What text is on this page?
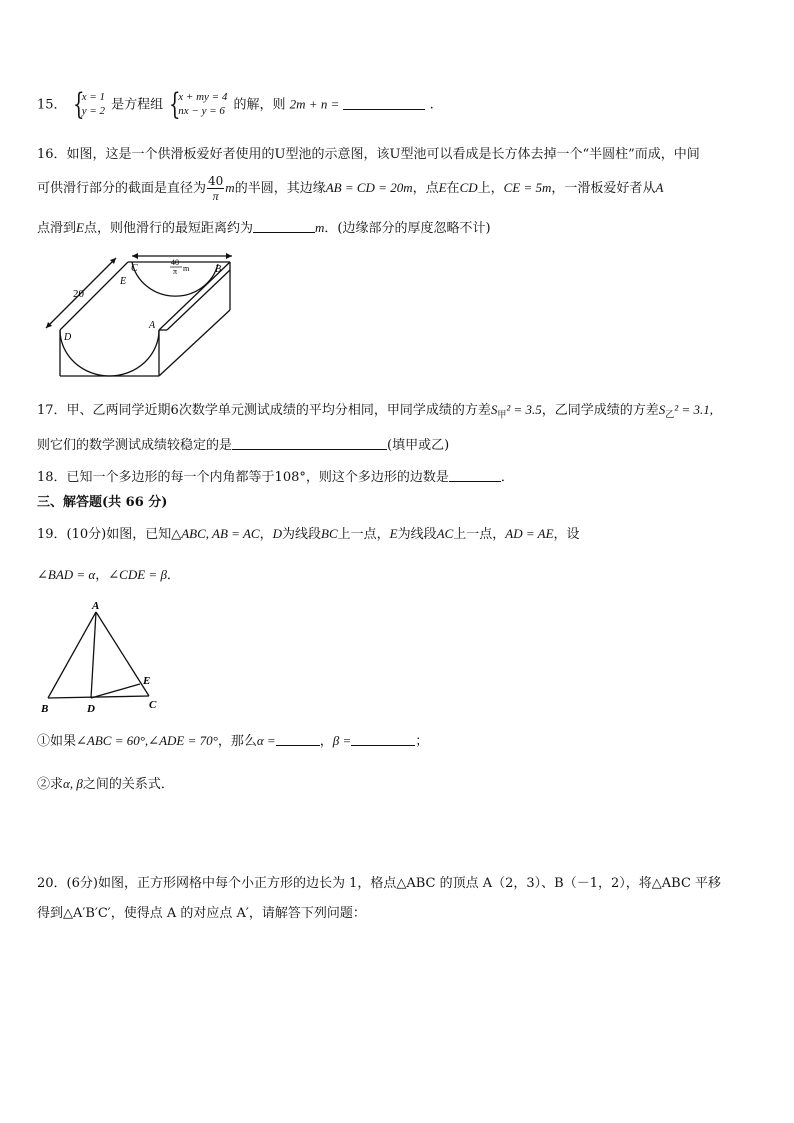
15． {
x = 1
y = 2 是方程组 {
x + my = 4
nx − y = 6 的解，则 2m + n =	.
16．如图，这是一个供滑板爱好者使用的U型池的示意图，该U型池可以看成是长方体去掉一个“半圆柱”而成，中间
可供滑行部分的截面是直径为 $\frac{40}{\pi}$ m的半圆，其边缘AB = CD = 20m，点E在CD上，CE = 5m，一滑板爱好者从A
点滑到E点，则他滑行的最短距离约为	m．(边缘部分的厚度忽略不计)
20
C
E
B
A
D
40
π m
17．甲、乙两同学近期6次数学单元测试成绩的平均分相同，甲同学成绩的方差$S_甲^2 = 3.5$，乙同学成绩的方差$S_乙^2 = 3.1$,
则它们的数学测试成绩较稳定的是	(填甲或乙)
18．已知一个多边形的每一个内角都等于108°，则这个多边形的边数是	．
三、解答题(共 66 分)
19．(10分)如图，已知△ABC, AB = AC，D为线段BC上一点，E为线段AC上一点，AD = AE，设
∠BAD = α，∠CDE = β．
A
B	D	C
E
①如果∠ABC = 60°,∠ADE = 70°，那么α =	，β =	；
②求α, β之间的关系式．
20．(6分)如图，正方形网格中每个小正方形的边长为 1，格点△ABC 的顶点 A（2，3）、B（－1，2），将△ABC 平移
得到△A′B′C′，使得点 A 的对应点 A′，请解答下列问题：
